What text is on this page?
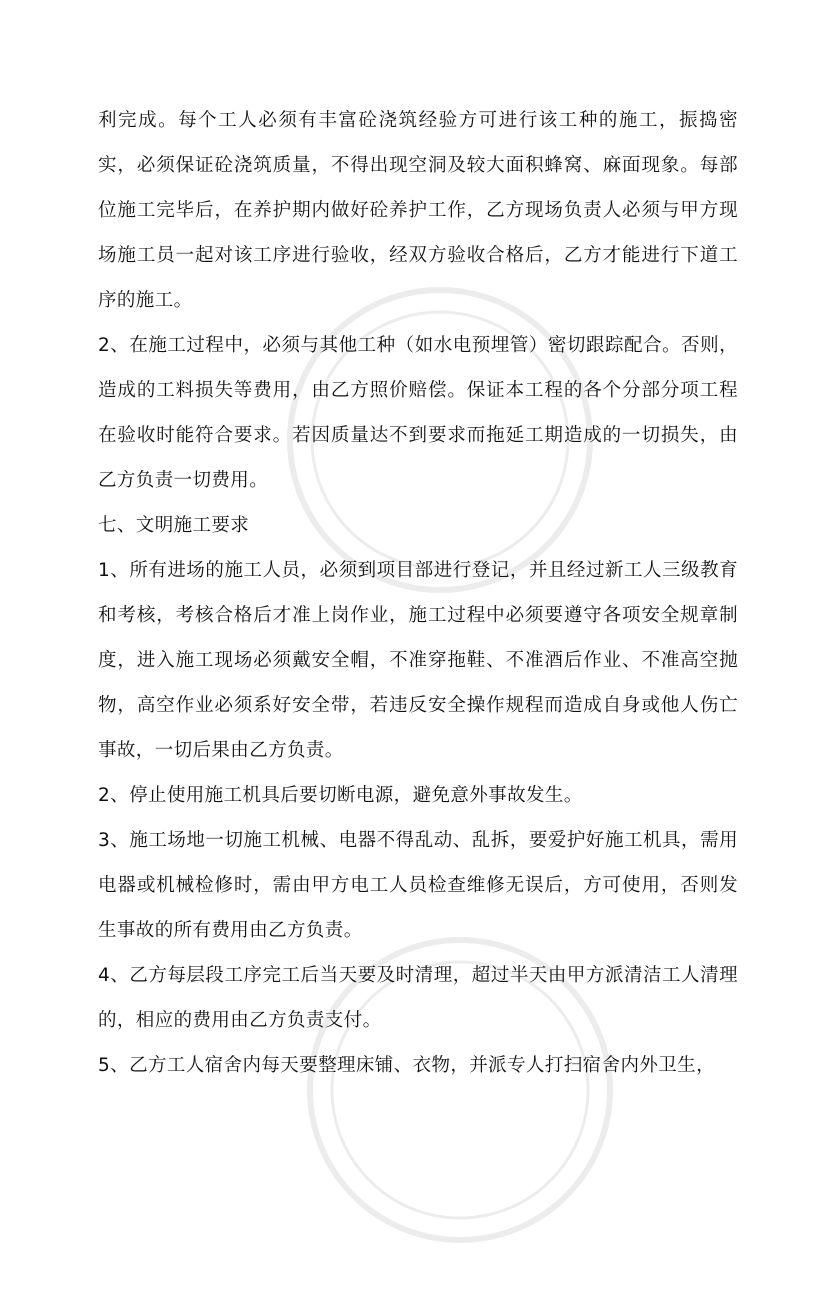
利完成。每个工人必须有丰富砼浇筑经验方可进行该工种的施工，振捣密实，必须保证砼浇筑质量，不得出现空洞及较大面积蜂窝、麻面现象。每部位施工完毕后，在养护期内做好砼养护工作，乙方现场负责人必须与甲方现场施工员一起对该工序进行验收，经双方验收合格后，乙方才能进行下道工序的施工。

2、在施工过程中，必须与其他工种（如水电预埋管）密切跟踪配合。否则，造成的工料损失等费用，由乙方照价赔偿。保证本工程的各个分部分项工程在验收时能符合要求。若因质量达不到要求而拖延工期造成的一切损失，由乙方负责一切费用。

七、文明施工要求

1、所有进场的施工人员，必须到项目部进行登记，并且经过新工人三级教育和考核，考核合格后才准上岗作业，施工过程中必须要遵守各项安全规章制度，进入施工现场必须戴安全帽，不准穿拖鞋、不准酒后作业、不准高空抛物，高空作业必须系好安全带，若违反安全操作规程而造成自身或他人伤亡事故，一切后果由乙方负责。

2、停止使用施工机具后要切断电源，避免意外事故发生。

3、施工场地一切施工机械、电器不得乱动、乱拆，要爱护好施工机具，需用电器或机械检修时，需由甲方电工人员检查维修无误后，方可使用，否则发生事故的所有费用由乙方负责。

4、乙方每层段工序完工后当天要及时清理，超过半天由甲方派清洁工人清理的，相应的费用由乙方负责支付。

5、乙方工人宿舍内每天要整理床铺、衣物，并派专人打扫宿舍内外卫生，
